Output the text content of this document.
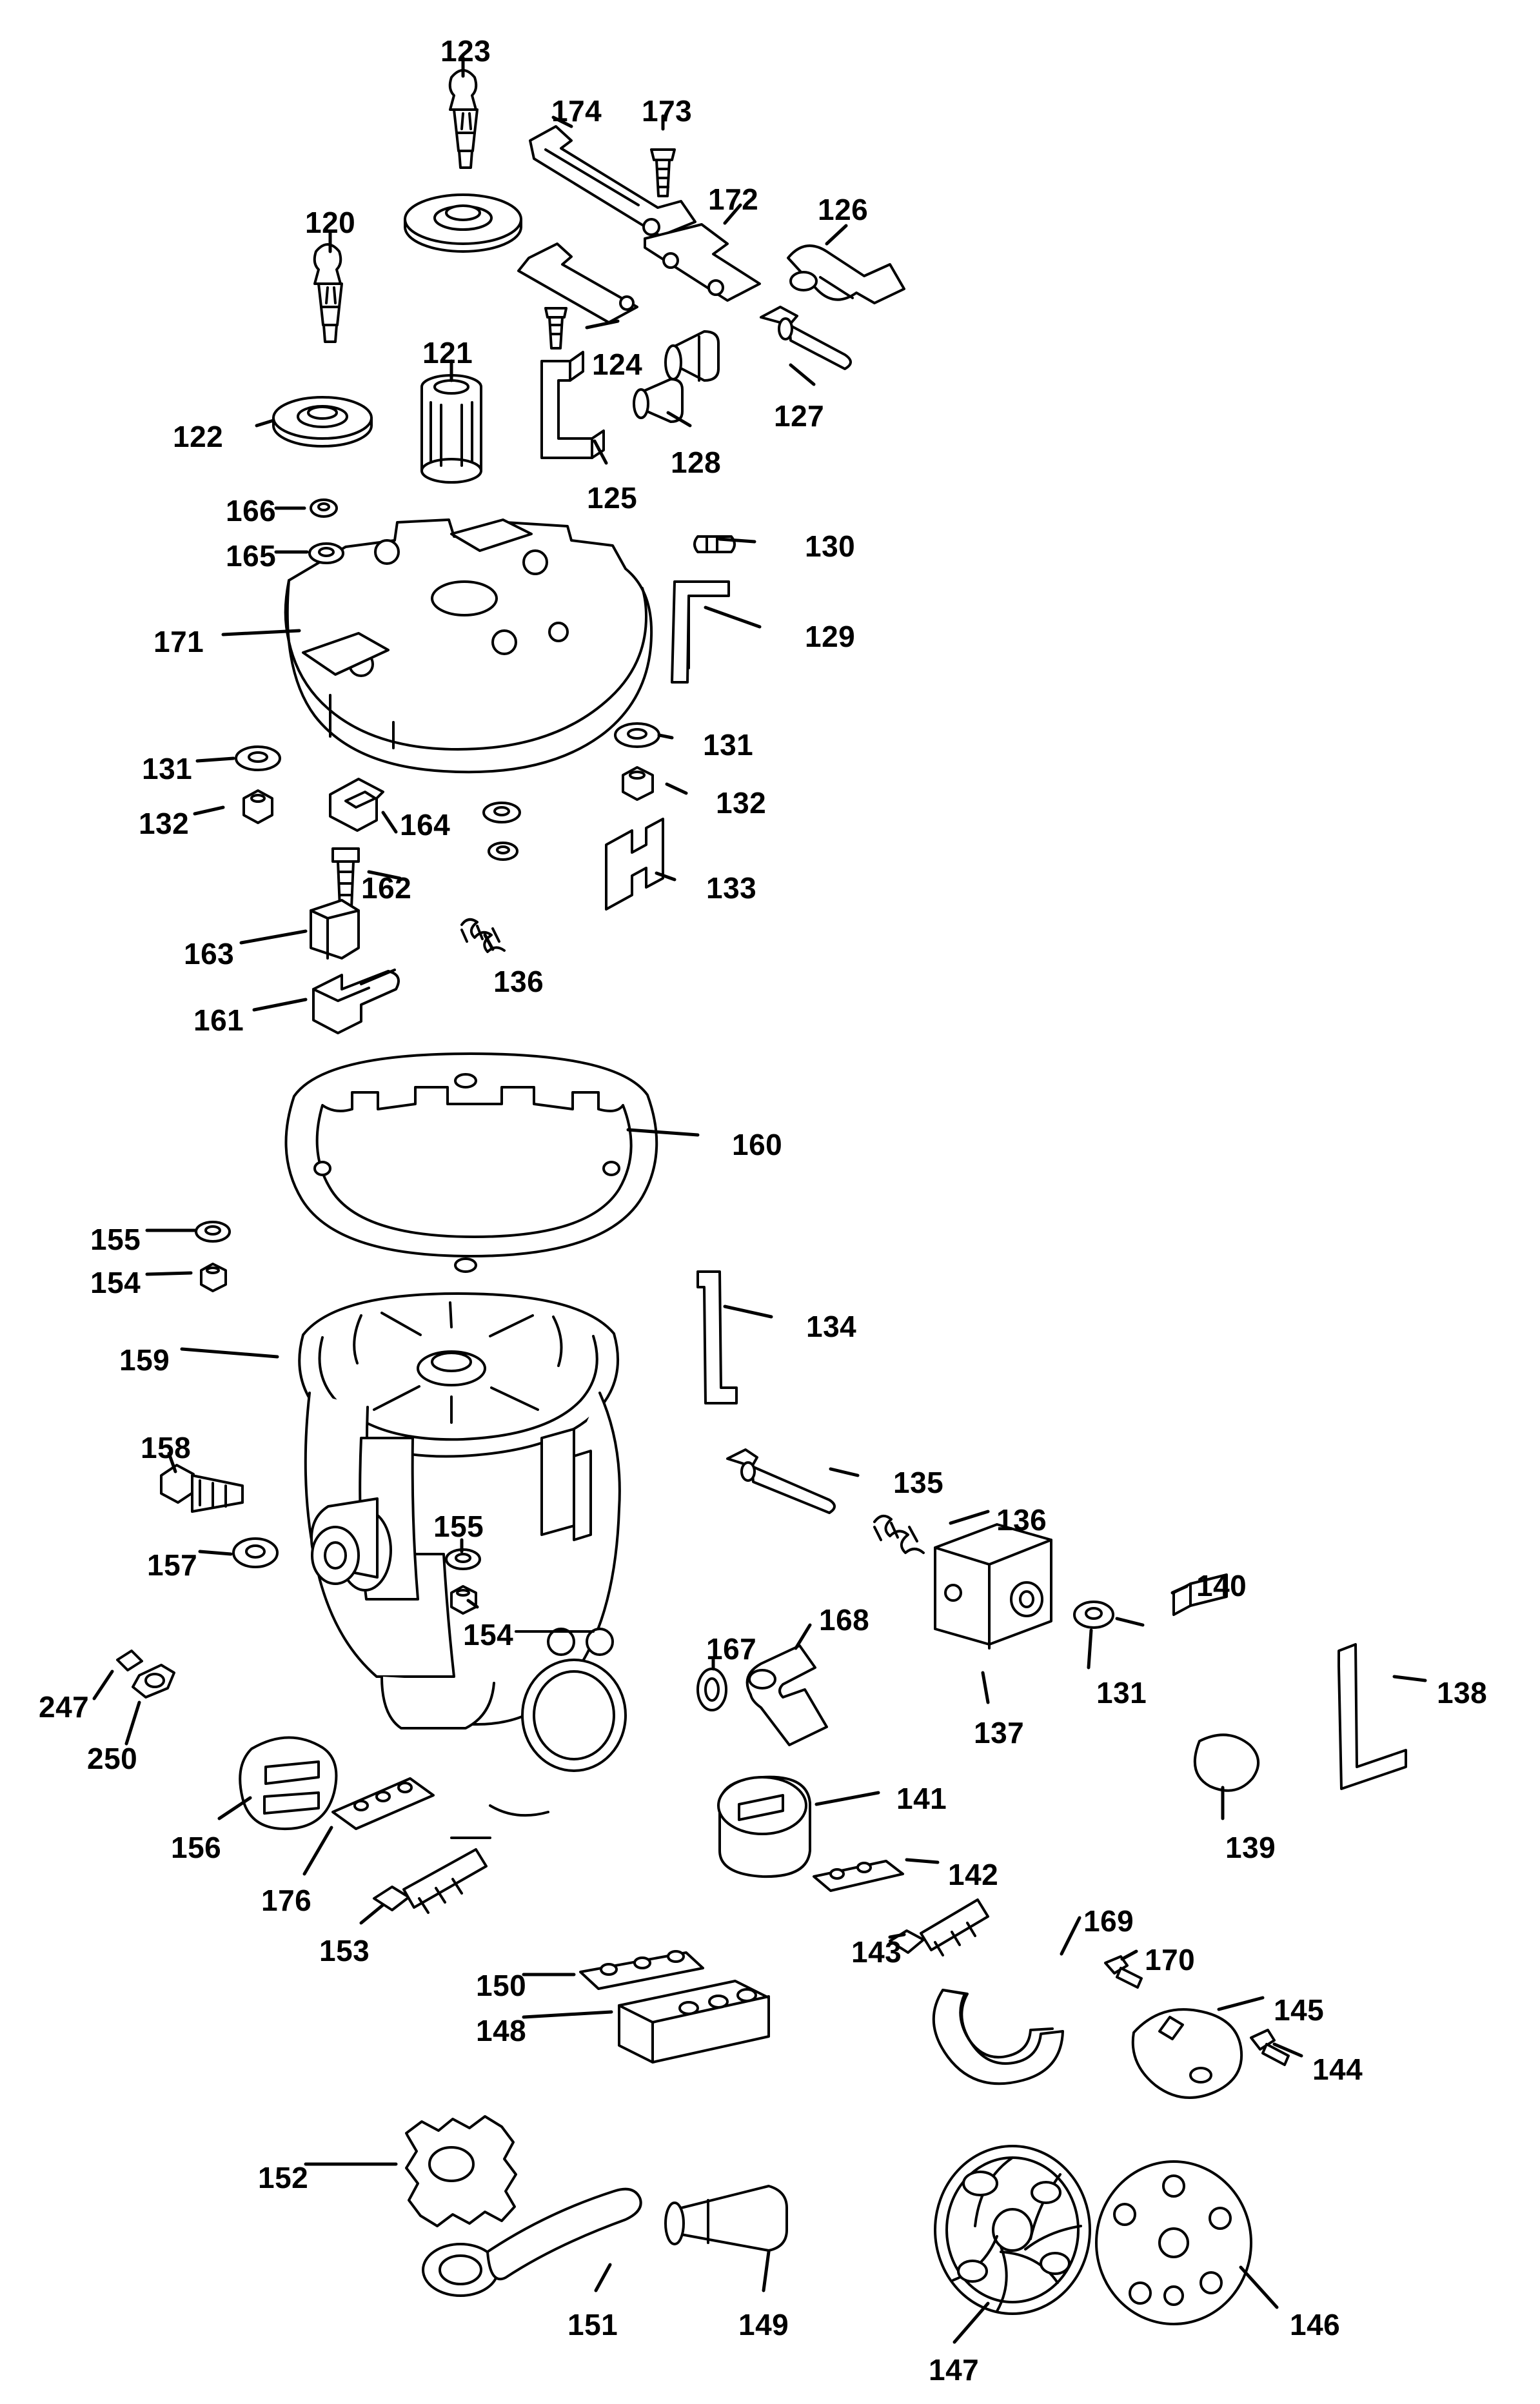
123
174 173
172 126
120
121	124
127
122
128
125
166
130
165
129
171
131
131
132
132	164
162	133
163
136
161
160
155
154
134
159
158
135
136
155
157
140
154	167
168
131	138
247
137
250
139
156
141
142
176
169
153	143	170
150
145
148
144
152
151	149	146
147
